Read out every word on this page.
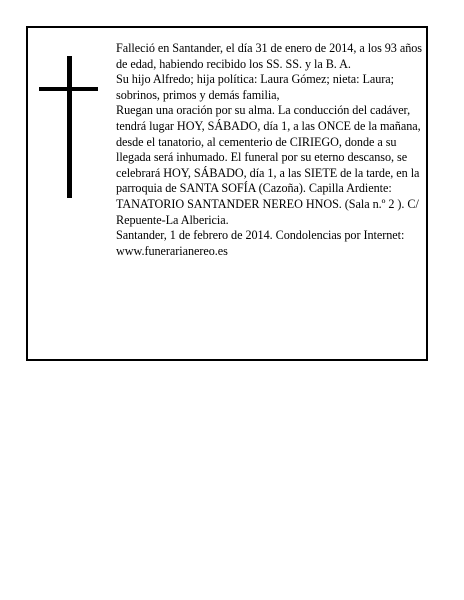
Falleció en Santander, el día 31 de enero de 2014, a los 93 años de edad, habiendo recibido los SS. SS. y la B. A.

Su hijo Alfredo; hija política: Laura Gómez; nieta: Laura; sobrinos, primos y demás familia,

Ruegan una oración por su alma. La conducción del cadáver, tendrá lugar HOY, SÁBADO, día 1, a las ONCE de la mañana, desde el tanatorio, al cementerio de CIRIEGO, donde a su llegada será inhumado. El funeral por su eterno descanso, se celebrará HOY, SÁBADO, día 1, a las SIETE de la tarde, en la parroquia de SANTA SOFÍA (Cazoña). Capilla Ardiente: TANATORIO SANTANDER NEREO HNOS. (Sala n.º 2 ). C/ Repuente-La Albericia.

Santander, 1 de febrero de 2014. Condolencias por Internet: www.funerarianereo.es
